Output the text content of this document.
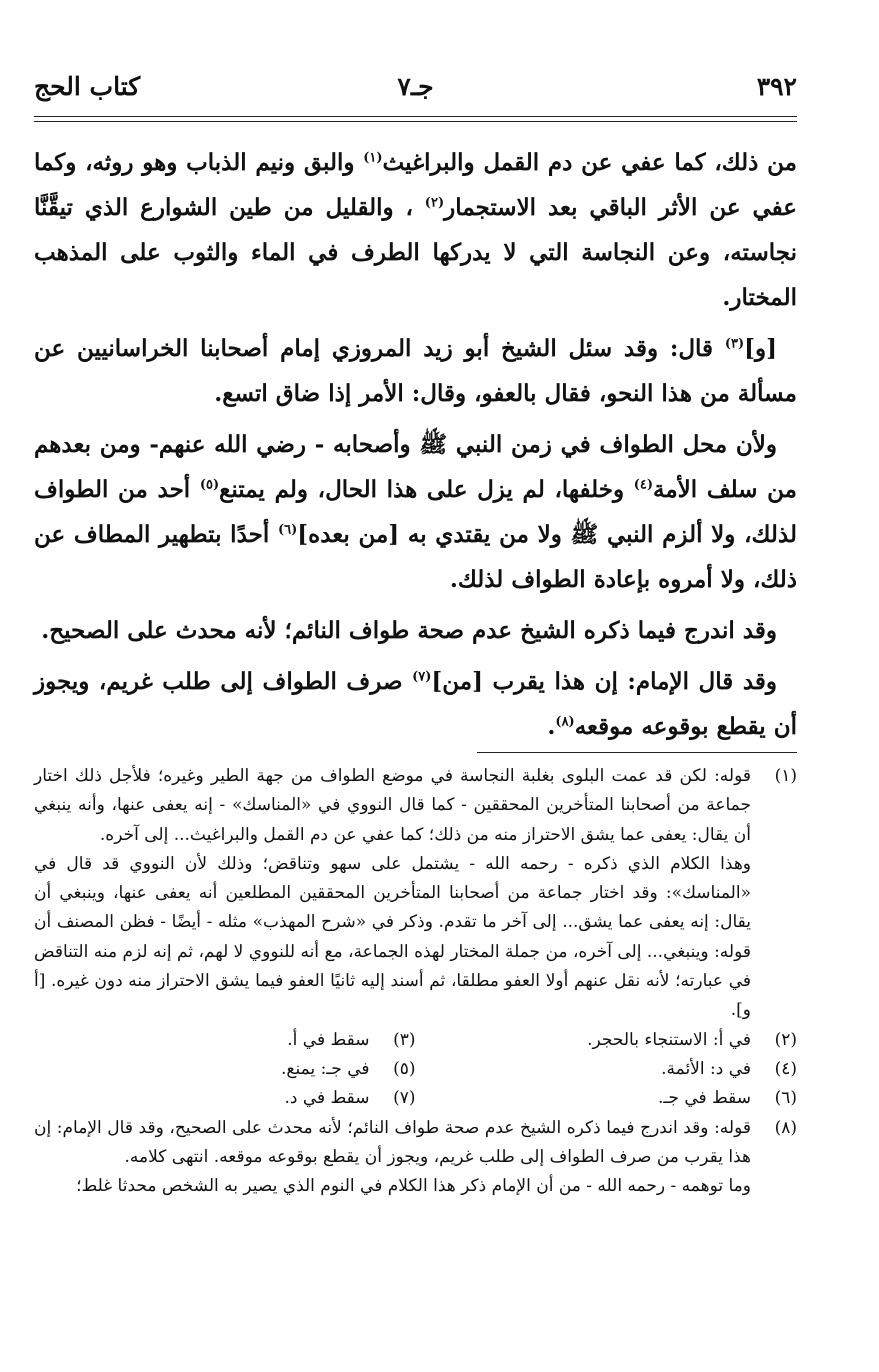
كتاب الحج	جـ٧	٣٩٢

من ذلك، كما عفي عن دم القمل والبراغيث$^{(١)}$ والبق ونيم الذباب وهو روثه، وكما عفي عن الأثر الباقي بعد الاستجمار$^{(٢)}$ ، والقليل من طين الشوارع الذي تيقَّنَّا نجاسته، وعن النجاسة التي لا يدركها الطرف في الماء والثوب على المذهب المختار.

[و]$^{(٣)}$ قال: وقد سئل الشيخ أبو زيد المروزي إمام أصحابنا الخراسانيين عن مسألة من هذا النحو، فقال بالعفو، وقال: الأمر إذا ضاق اتسع.

ولأن محل الطواف في زمن النبي ﷺ وأصحابه - رضي الله عنهم- ومن بعدهم من سلف الأمة$^{(٤)}$ وخلفها، لم يزل على هذا الحال، ولم يمتنع$^{(٥)}$ أحد من الطواف لذلك، ولا ألزم النبي ﷺ ولا من يقتدي به [من بعده]$^{(٦)}$ أحدًا بتطهير المطاف عن ذلك، ولا أمروه بإعادة الطواف لذلك.

وقد اندرج فيما ذكره الشيخ عدم صحة طواف النائم؛ لأنه محدث على الصحيح.

وقد قال الإمام: إن هذا يقرب [من]$^{(٧)}$ صرف الطواف إلى طلب غريم، ويجوز أن يقطع بوقوعه موقعه$^{(٨)}$.

(١)

قوله: لكن قد عمت البلوى بغلبة النجاسة في موضع الطواف من جهة الطير وغيره؛ فلأجل ذلك اختار جماعة من أصحابنا المتأخرين المحققين - كما قال النووي في «المناسك» - إنه يعفى عنها، وأنه ينبغي أن يقال: يعفى عما يشق الاحتراز منه من ذلك؛ كما عفي عن دم القمل والبراغيث... إلى آخره.

وهذا الكلام الذي ذكره - رحمه الله - يشتمل على سهو وتناقض؛ وذلك لأن النووي قد قال في «المناسك»: وقد اختار جماعة من أصحابنا المتأخرين المحققين المطلعين أنه يعفى عنها، وينبغي أن يقال: إنه يعفى عما يشق... إلى آخر ما تقدم. وذكر في «شرح المهذب» مثله - أيضًا - فظن المصنف أن قوله: وينبغي... إلى آخره، من جملة المختار لهذه الجماعة، مع أنه للنووي لا لهم، ثم إنه لزم منه التناقض في عبارته؛ لأنه نقل عنهم أولا العفو مطلقا، ثم أسند إليه ثانيًا العفو فيما يشق الاحتراز منه دون غيره. [أ و].

(٢)
في أ: الاستنجاء بالحجر.
(٣)
سقط في أ.
(٤)
في د: الأئمة.
(٥)
في جـ: يمنع.
(٦)
سقط في جـ.
(٧)
سقط في د.
(٨)

قوله: وقد اندرج فيما ذكره الشيخ عدم صحة طواف النائم؛ لأنه محدث على الصحيح، وقد قال الإمام: إن هذا يقرب من صرف الطواف إلى طلب غريم، ويجوز أن يقطع بوقوعه موقعه. انتهى كلامه.

وما توهمه - رحمه الله - من أن الإمام ذكر هذا الكلام في النوم الذي يصير به الشخص محدثا غلط؛
